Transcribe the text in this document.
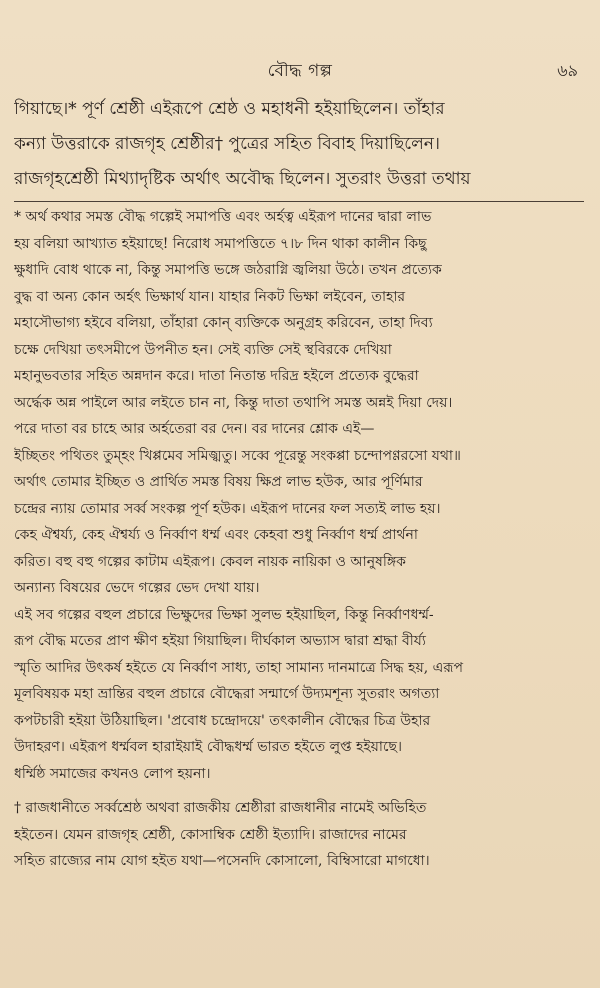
বৌদ্ধ গল্প	৬৯
গিয়াছে।* পূর্ণ শ্রেষ্ঠী এইরূপে শ্রেষ্ঠ ও মহাধনী হইয়াছিলেন। তাঁহার
কন্যা উত্তরাকে রাজগৃহ শ্রেষ্ঠীর† পুত্রের সহিত বিবাহ দিয়াছিলেন।
রাজগৃহশ্রেষ্ঠী মিথ্যাদৃষ্টিক অর্থাৎ অবৌদ্ধ ছিলেন। সুতরাং উত্তরা তথায়
* অর্থ কথার সমস্ত বৌদ্ধ গল্পেই সমাপত্তি এবং অর্হত্ব এইরূপ দানের দ্বারা লাভ
হয় বলিয়া আখ্যাত হইয়াছে! নিরোধ সমাপত্তিতে ৭।৮ দিন থাকা কালীন কিছু
ক্ষুধাদি বোধ থাকে না, কিন্তু সমাপত্তি ভঙ্গে জঠরাগ্নি জ্বলিয়া উঠে। তখন প্রত্যেক
বুদ্ধ বা অন্য কোন অর্হৎ ভিক্ষার্থ যান। যাহার নিকট ভিক্ষা লইবেন, তাহার
মহাসৌভাগ্য হইবে বলিয়া, তাঁহারা কোন্ ব্যক্তিকে অনুগ্রহ করিবেন, তাহা দিব্য
চক্ষে দেখিয়া তৎসমীপে উপনীত হন। সেই ব্যক্তি সেই স্থবিরকে দেখিয়া
মহানুভবতার সহিত অন্নদান করে। দাতা নিতান্ত দরিদ্র হইলে প্রত্যেক বুদ্ধেরা
অর্দ্ধেক অন্ন পাইলে আর লইতে চান না, কিন্তু দাতা তথাপি সমস্ত অন্নই দিয়া দেয়।
পরে দাতা বর চাহে আর অর্হতেরা বর দেন। বর দানের শ্লোক এই—
ইচ্ছিতং পথিতং তুম্হং খিপ্পমেব সমিজ্ঝতু। সব্বে পূরেন্তু সংকপ্পা চন্দোপণ্ণরসো যথা॥
অর্থাৎ তোমার ইচ্ছিত ও প্রার্থিত সমস্ত বিষয় ক্ষিপ্র লাভ হউক, আর পূর্ণিমার
চন্দ্রের ন্যায় তোমার সর্ব্ব সংকল্প পূর্ণ হউক। এইরূপ দানের ফল সত্যই লাভ হয়।
কেহ ঐশ্বর্য্য, কেহ ঐশ্বর্য্য ও নির্ব্বাণ ধর্ম্ম এবং কেহবা শুধু নির্ব্বাণ ধর্ম্ম প্রার্থনা
করিত। বহু বহু গল্পের কাটাম এইরূপ। কেবল নায়ক নায়িকা ও আনুষঙ্গিক
অন্যান্য বিষয়ের ভেদে গল্পের ভেদ দেখা যায়।
এই সব গল্পের বহুল প্রচারে ভিক্ষুদের ভিক্ষা সুলভ হইয়াছিল, কিন্তু নির্ব্বাণধর্ম্ম-
রূপ বৌদ্ধ মতের প্রাণ ক্ষীণ হইয়া গিয়াছিল। দীর্ঘকাল অভ্যাস দ্বারা শ্রদ্ধা বীর্য্য
স্মৃতি আদির উৎকর্ষ হইতে যে নির্ব্বাণ সাধ্য, তাহা সামান্য দানমাত্রে সিদ্ধ হয়, এরূপ
মূলবিষয়ক মহা ভ্রান্তির বহুল প্রচারে বৌদ্ধেরা সন্মার্গে উদ্যমশূন্য সুতরাং অগত্যা
কপটচারী হইয়া উঠিয়াছিল। 'প্রবোধ চন্দ্রোদয়ে' তৎকালীন বৌদ্ধের চিত্র উহার
উদাহরণ। এইরূপ ধর্ম্মবল হারাইয়াই বৌদ্ধধর্ম্ম ভারত হইতে লুপ্ত হইয়াছে।
ধর্ম্মিষ্ঠ সমাজের কখনও লোপ হয়না।
† রাজধানীতে সর্ব্বশ্রেষ্ঠ অথবা রাজকীয় শ্রেষ্ঠীরা রাজধানীর নামেই অভিহিত
হইতেন। যেমন রাজগৃহ শ্রেষ্ঠী, কোসাম্বিক শ্রেষ্ঠী ইত্যাদি। রাজাদের নামের
সহিত রাজ্যের নাম যোগ হইত যথা—পসেনদি কোসালো, বিম্বিসারো মাগধো।
